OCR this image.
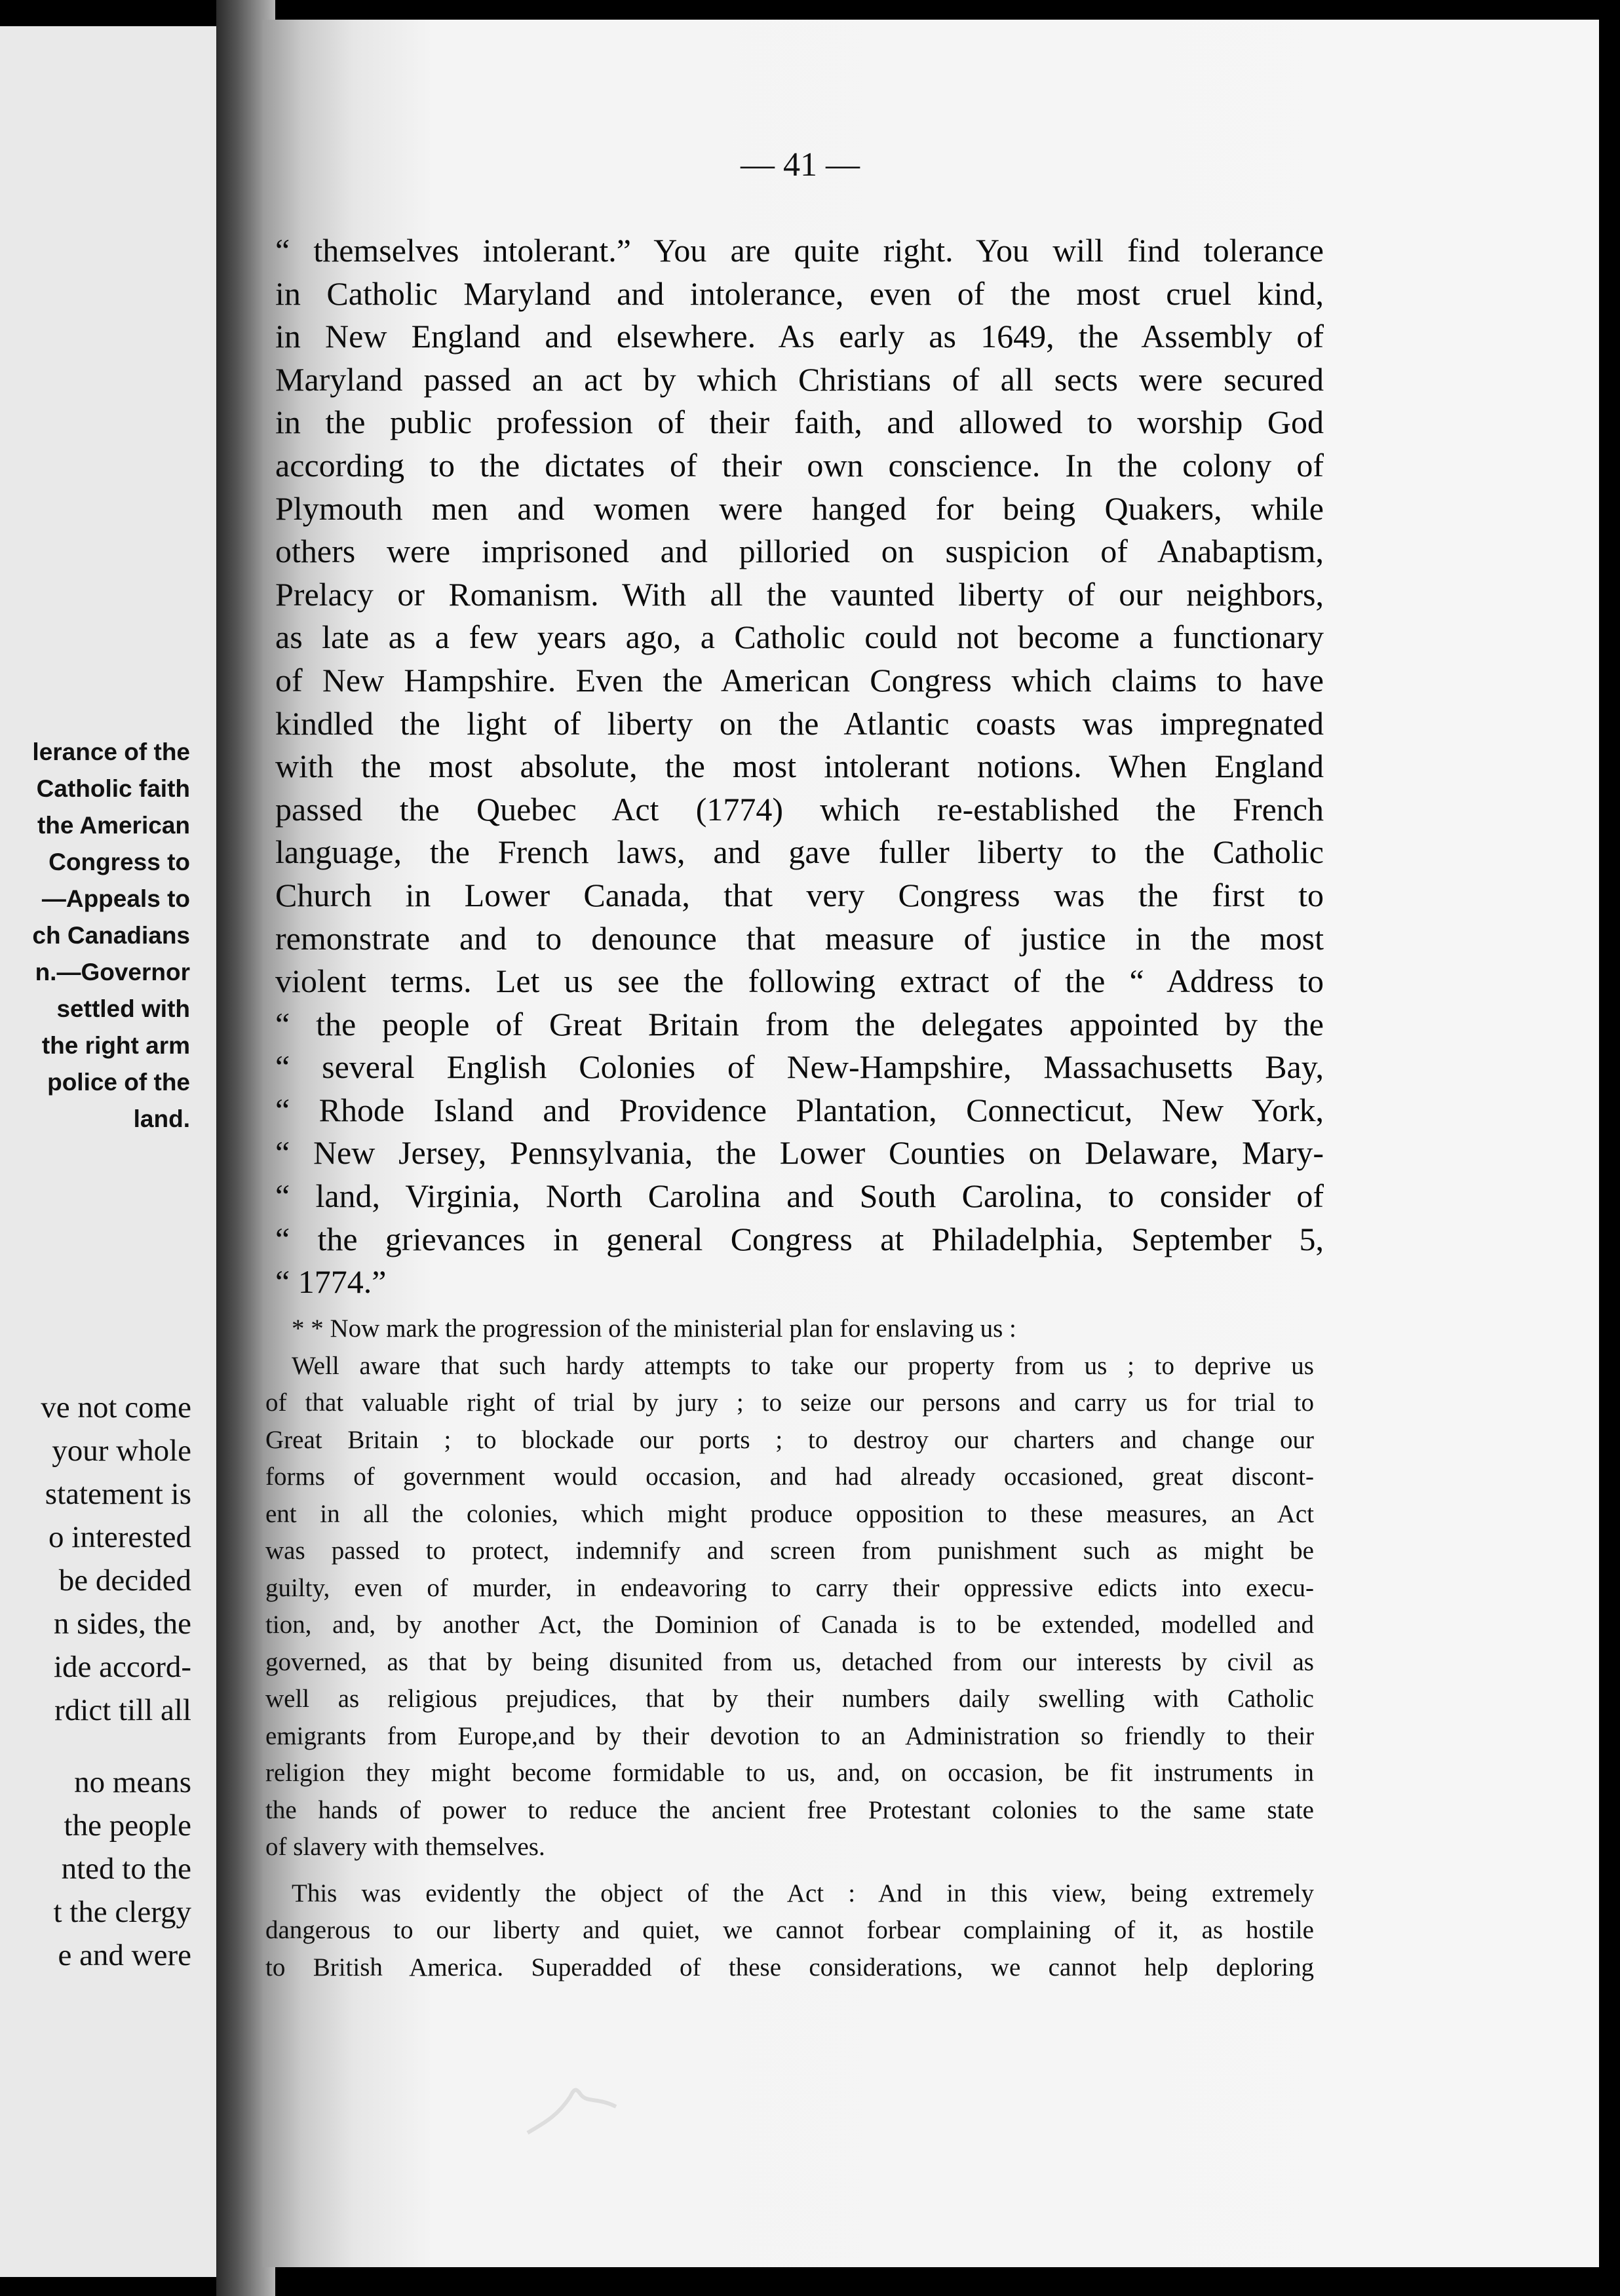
lerance of the
Catholic faith
the American
Congress to
—Appeals to
ch Canadians
n.—Governor
settled with
the right arm
police of the
land.
ve not come
your whole
statement is
o interested
be decided
n sides, the
ide accord-
rdict till all
no means
the people
nted to the
t the clergy
e and were
— 41 —
“ themselves intolerant.” You are quite right. You will find tolerance
in Catholic Maryland and intolerance, even of the most cruel kind,
in New England and elsewhere. As early as 1649, the Assembly of
Maryland passed an act by which Christians of all sects were secured
in the public profession of their faith, and allowed to worship God
according to the dictates of their own conscience. In the colony of
Plymouth men and women were hanged for being Quakers, while
others were imprisoned and pilloried on suspicion of Anabaptism,
Prelacy or Romanism. With all the vaunted liberty of our neighbors,
as late as a few years ago, a Catholic could not become a functionary
of New Hampshire. Even the American Congress which claims to have
kindled the light of liberty on the Atlantic coasts was impregnated
with the most absolute, the most intolerant notions. When England
passed the Quebec Act (1774) which re-established the French
language, the French laws, and gave fuller liberty to the Catholic
Church in Lower Canada, that very Congress was the first to
remonstrate and to denounce that measure of justice in the most
violent terms. Let us see the following extract of the “ Address to
“ the people of Great Britain from the delegates appointed by the
“ several English Colonies of New-Hampshire, Massachusetts Bay,
“ Rhode Island and Providence Plantation, Connecticut, New York,
“ New Jersey, Pennsylvania, the Lower Counties on Delaware, Mary-
“ land, Virginia, North Carolina and South Carolina, to consider of
“ the grievances in general Congress at Philadelphia, September 5,
“ 1774.”
* * Now mark the progression of the ministerial plan for enslaving us :
Well aware that such hardy attempts to take our property from us ; to deprive us
of that valuable right of trial by jury ; to seize our persons and carry us for trial to
Great Britain ; to blockade our ports ; to destroy our charters and change our
forms of government would occasion, and had already occasioned, great discont-
ent in all the colonies, which might produce opposition to these measures, an Act
was passed to protect, indemnify and screen from punishment such as might be
guilty, even of murder, in endeavoring to carry their oppressive edicts into execu-
tion, and, by another Act, the Dominion of Canada is to be extended, modelled and
governed, as that by being disunited from us, detached from our interests by civil as
well as religious prejudices, that by their numbers daily swelling with Catholic
emigrants from Europe,and by their devotion to an Administration so friendly to their
religion they might become formidable to us, and, on occasion, be fit instruments in
the hands of power to reduce the ancient free Protestant colonies to the same state
of slavery with themselves.
This was evidently the object of the Act : And in this view, being extremely
dangerous to our liberty and quiet, we cannot forbear complaining of it, as hostile
to British America. Superadded of these considerations, we cannot help deploring
